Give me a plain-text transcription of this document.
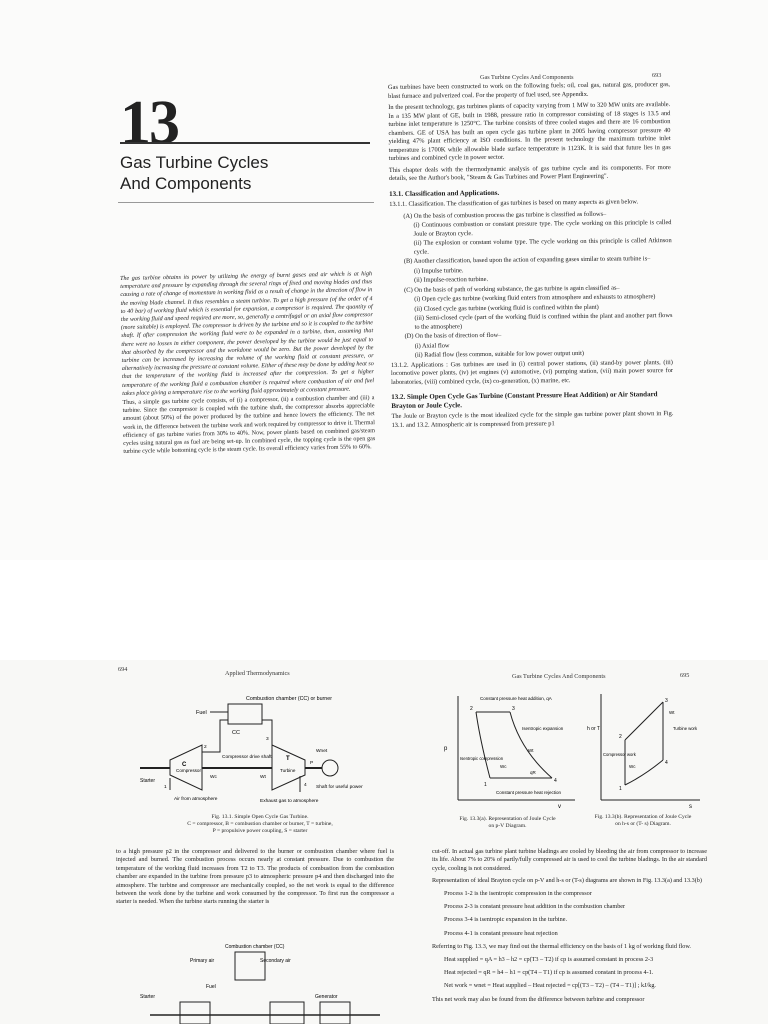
13
Gas Turbine Cycles
And Components

The gas turbine obtains its power by utilizing the energy of burnt gases and air which is at high temperature and pressure by expanding through the several rings of fixed and moving blades and thus causing a rate of change of momentum in working fluid as a result of change in the direction of flow in the moving blade channel. It thus resembles a steam turbine. To get a high pressure (of the order of 4 to 40 bar) of working fluid which is essential for expansion, a compressor is required. The quantity of the working fluid and speed required are more, so, generally a centrifugal or an axial flow compressor (more suitable) is employed. The compressor is driven by the turbine and so it is coupled to the turbine shaft. If after compression the working fluid were to be expanded in a turbine, then, assuming that there were no losses in either component, the power developed by the turbine would be just equal to that absorbed by the compressor and the workdone would be zero. But the power developed by the turbine can be increased by increasing the volume of the working fluid at constant pressure, or alternatively increasing the pressure at constant volume. Either of these may be done by adding heat so that the temperature of the working fluid is increased after the compression. To get a higher temperature of the working fluid a combustion chamber is required where combustion of air and fuel takes place giving a temperature rise to the working fluid approximately at constant pressure.

Thus, a simple gas turbine cycle consists, of (i) a compressor, (ii) a combustion chamber and (iii) a turbine. Since the compressor is coupled with the turbine shaft, the compressor absorbs appreciable amount (about 50%) of the power produced by the turbine and hence lowers the efficiency. The net work in, the difference between the turbine work and work required by compressor to drive it. Thermal efficiency of gas turbine varies from 30% to 40%. Now, power plants based on combined gas/steam cycles using natural gas as fuel are being set-up. In combined cycle, the topping cycle is the open gas turbine cycle while bottoming cycle is the steam cycle. Its overall efficiency varies from 55% to 60%.

Gas Turbine Cycles And Components	693

Gas turbines have been constructed to work on the following fuels; oil, coal gas, natural gas, producer gas, blast furnace and pulverized coal. For the property of fuel used, see Appendix.

In the present technology, gas turbines plants of capacity varying from 1 MW to 320 MW units are available. In a 135 MW plant of GE, built in 1988, pressure ratio in compressor consisting of 18 stages is 13.5 and turbine inlet temperature is 1250°C. The turbine consists of three cooled stages and there are 16 combustion chambers. GE of USA has built an open cycle gas turbine plant in 2005 having compressor pressure 40 yielding 47% plant efficiency at ISO conditions. In the present technology the maximum turbine inlet temperature is 1700K while allowable blade surface temperature is 1123K. It is said that future lies in gas turbines and combined cycle in power sector.

This chapter deals with the thermodynamic analysis of gas turbine cycle and its components. For more details, see the Author's book, "Steam & Gas Turbines and Power Plant Engineering".

13.1. Classification and Applications.

13.1.1. Classification. The classification of gas turbines is based on many aspects as given below.

(A) On the basis of combustion process the gas turbine is classified as follows–

(i) Continuous combustion or constant pressure type. The cycle working on this principle is called Joule or Brayton cycle.

(ii) The explosion or constant volume type. The cycle working on this principle is called Atkinson cycle.

(B) Another classification, based upon the action of expanding gases similar to steam turbine is–

(i) Impulse turbine.

(ii) Impulse-reaction turbine.

(C) On the basis of path of working substance, the gas turbine is again classified as–

(i) Open cycle gas turbine (working fluid enters from atmosphere and exhausts to atmosphere)

(ii) Closed cycle gas turbine (working fluid is confined within the plant)

(iii) Semi-closed cycle (part of the working fluid is confined within the plant and another part flows to the atmosphere)

(D) On the basis of direction of flow–

(i) Axial flow

(ii) Radial flow (less common, suitable for low power output unit)

13.1.2. Applications : Gas turbines are used in (i) central power stations, (ii) stand-by power plants, (iii) locomotive power plants, (iv) jet engines (v) automotive, (vi) pumping station, (vii) main power source for laboratories, (viii) combined cycle, (ix) co-generation, (x) marine, etc.

13.2. Simple Open Cycle Gas Turbine (Constant Pressure Heat Addition) or Air Standard Brayton or Joule Cycle.

The Joule or Brayton cycle is the most idealized cycle for the simple gas turbine power plant shown in Fig. 13.1. and 13.2. Atmospheric air is compressed from pressure p1

694
Applied Thermodynamics
Fuel
Combustion chamber (CC) or burner
CC
C
Compressor
T
Turbine
Compressor drive shaft
Starter
Shaft for useful power
Air from atmosphere	Exhaust gas to atmosphere
Wc	Wt
Wnet
1
2
3
4
P
Fig. 13.1. Simple Open Cycle Gas Turbine.
C = compressor, B = combustion chamber or burner, T = turbine,
P = propulsive power coupling, S = starter

to a high pressure p2 in the compressor and delivered to the burner or combustion chamber where fuel is injected and burned. The combustion process occurs nearly at constant pressure. Due to combustion the temperature of the working fluid increases from T2 to T3. The products of combustion from the combustion chamber are expanded in the turbine from pressure p3 to atmospheric pressure p4 and then discharged into the atmosphere. The turbine and compressor are mechanically coupled, so the net work is equal to the difference between the work done by the turbine and work consumed by the compressor. To first run the compressor a starter is needed. When the turbine starts running the starter is

Combustion chamber (CC)
Primary air	Secondary air
Fuel
Starter	Generator
Gas Turbine Cycles And Components	695
p
v
2	3
4
1
Constant pressure heat addition, qA
Isentropic expansion
Isentropic compression
Constant pressure heat rejection
Wt
Wc
qR
h or T
s
1
2
3
4
Compressor work
Turbine work
Wt
Wc
Fig. 13.3(a). Representation of Joule Cycle
on p-V Diagram.
Fig. 13.3(b). Representation of Joule Cycle
on h-s or (T- s) Diagram.

cut-off. In actual gas turbine plant turbine bladings are cooled by bleeding the air from compressor to increase its life. About 7% to 20% of partly/fully compressed air is used to cool the turbine bladings. In the air standard cycle, cooling is not considered.

Representation of ideal Brayton cycle on p-V and h-s or (T-s) diagrams are shown in Fig. 13.3(a) and 13.3(b)

Process 1-2 is the isentropic compression in the compressor

Process 2-3 is constant pressure heat addition in the combustion chamber

Process 3-4 is isentropic expansion in the turbine.

Process 4-1 is constant pressure heat rejection

Referring to Fig. 13.3, we may find out the thermal efficiency on the basis of 1 kg of working fluid flow.

Heat supplied = qA = h3 – h2 = cp(T3 – T2) if cp is assumed constant in process 2-3

Heat rejected = qR = h4 – h1 = cp(T4 – T1) if cp is assumed constant in process 4-1.

Net work = wnet = Heat supplied – Heat rejected = cp[(T3 – T2) – (T4 – T1)] ; kJ/kg.

This net work may also be found from the difference between turbine and compressor
